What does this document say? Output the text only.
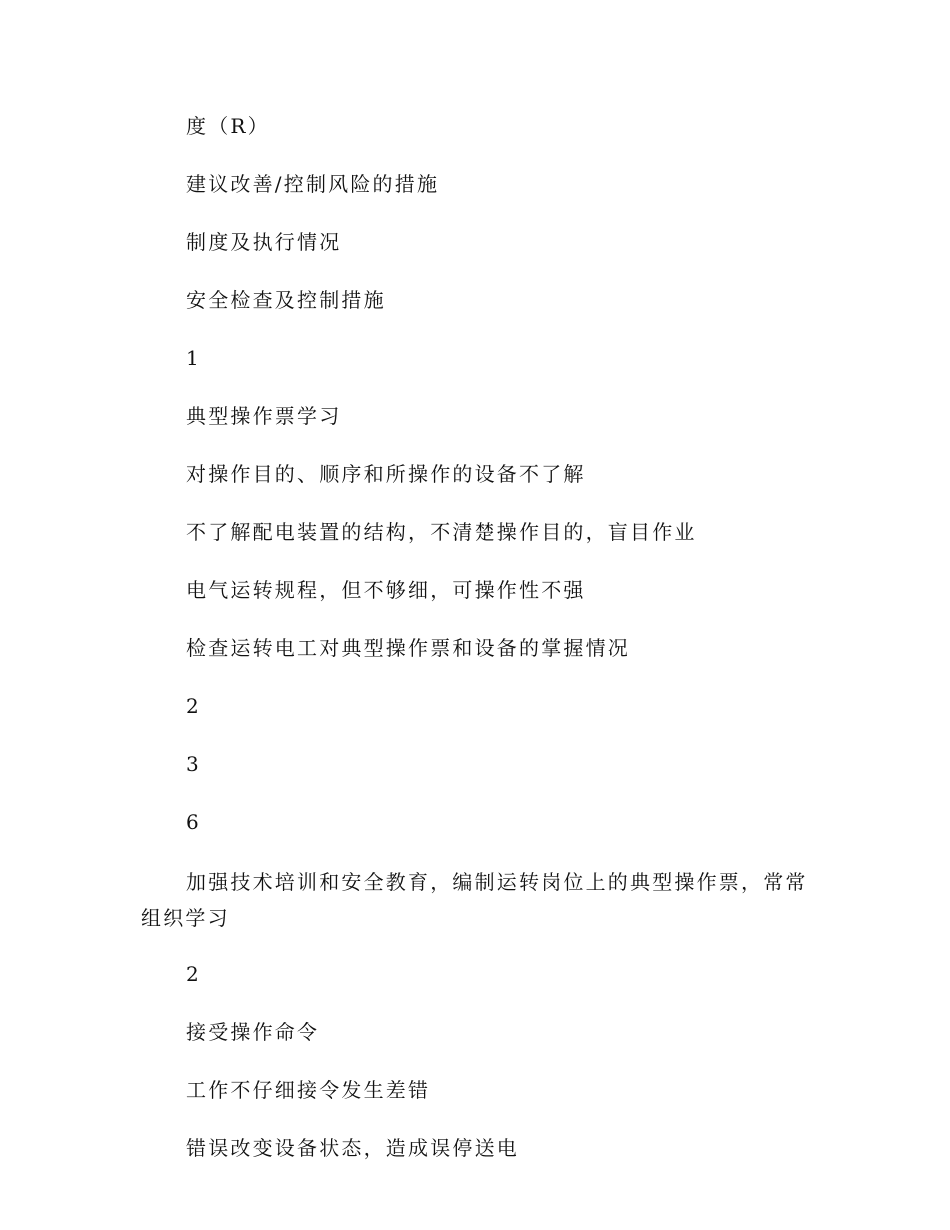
度（R）

建议改善/控制风险的措施

制度及执行情况

安全检查及控制措施

1

典型操作票学习

对操作目的、顺序和所操作的设备不了解

不了解配电装置的结构，不清楚操作目的，盲目作业

电气运转规程，但不够细，可操作性不强

检查运转电工对典型操作票和设备的掌握情况

2

3

6

加强技术培训和安全教育，编制运转岗位上的典型操作票，常常组织学习

2

接受操作命令

工作不仔细接令发生差错

错误改变设备状态，造成误停送电
